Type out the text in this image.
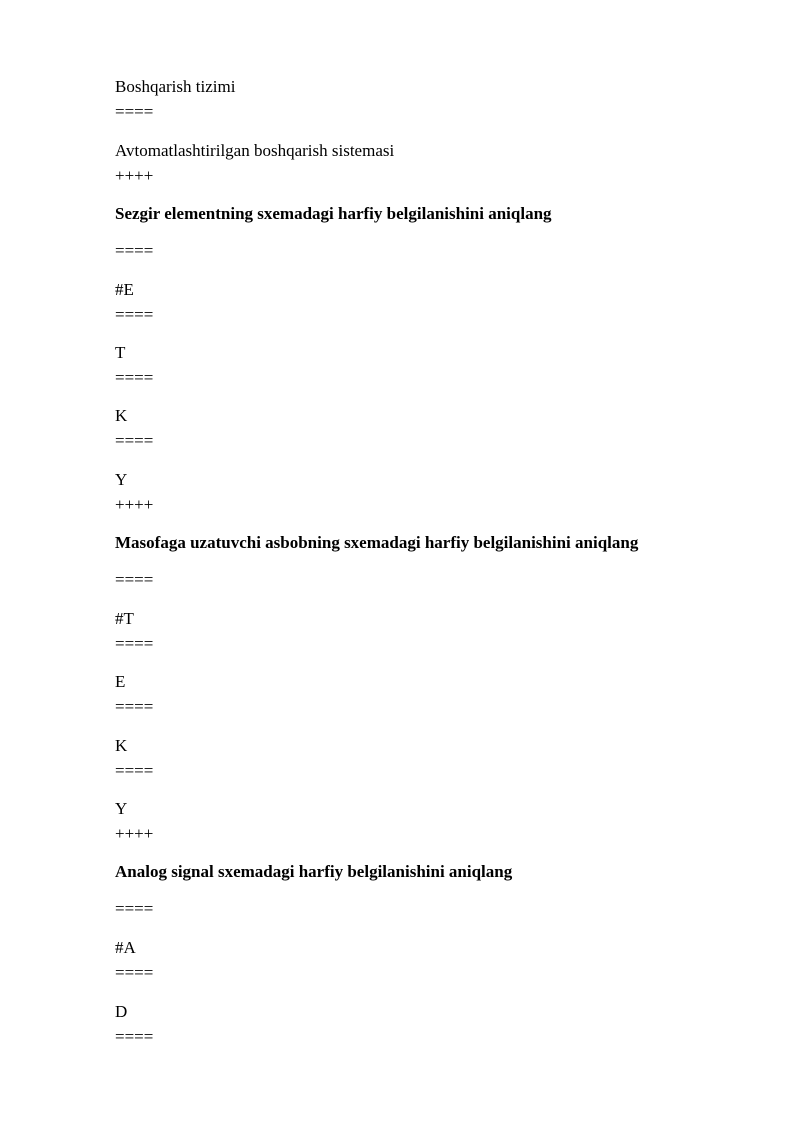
Boshqarish tizimi
====
Avtomatlashtirilgan boshqarish sistemasi
++++
Sezgir elementning sxemadagi harfiy belgilanishini aniqlang
====
#E
====
T
====
K
====
Y
++++
Masofaga uzatuvchi asbobning sxemadagi harfiy belgilanishini aniqlang
====
#T
====
E
====
K
====
Y
++++
Analog signal sxemadagi harfiy belgilanishini aniqlang
====
#A
====
D
====
